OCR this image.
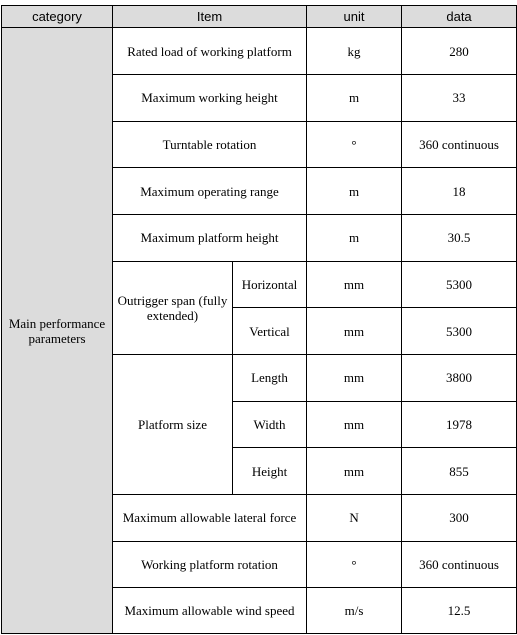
category	Item		unit	data
Main performance parameters	Rated load of working platform		kg	280
	Maximum working height		m	33
	Turntable rotation		°	360 continuous
	Maximum operating range		m	18
	Maximum platform height		m	30.5
	Outrigger span (fully extended)	Horizontal	mm	5300
		Vertical	mm	5300
	Platform size	Length	mm	3800
		Width	mm	1978
		Height	mm	855
	Maximum allowable lateral force		N	300
	Working platform rotation		°	360 continuous
	Maximum allowable wind speed		m/s	12.5
